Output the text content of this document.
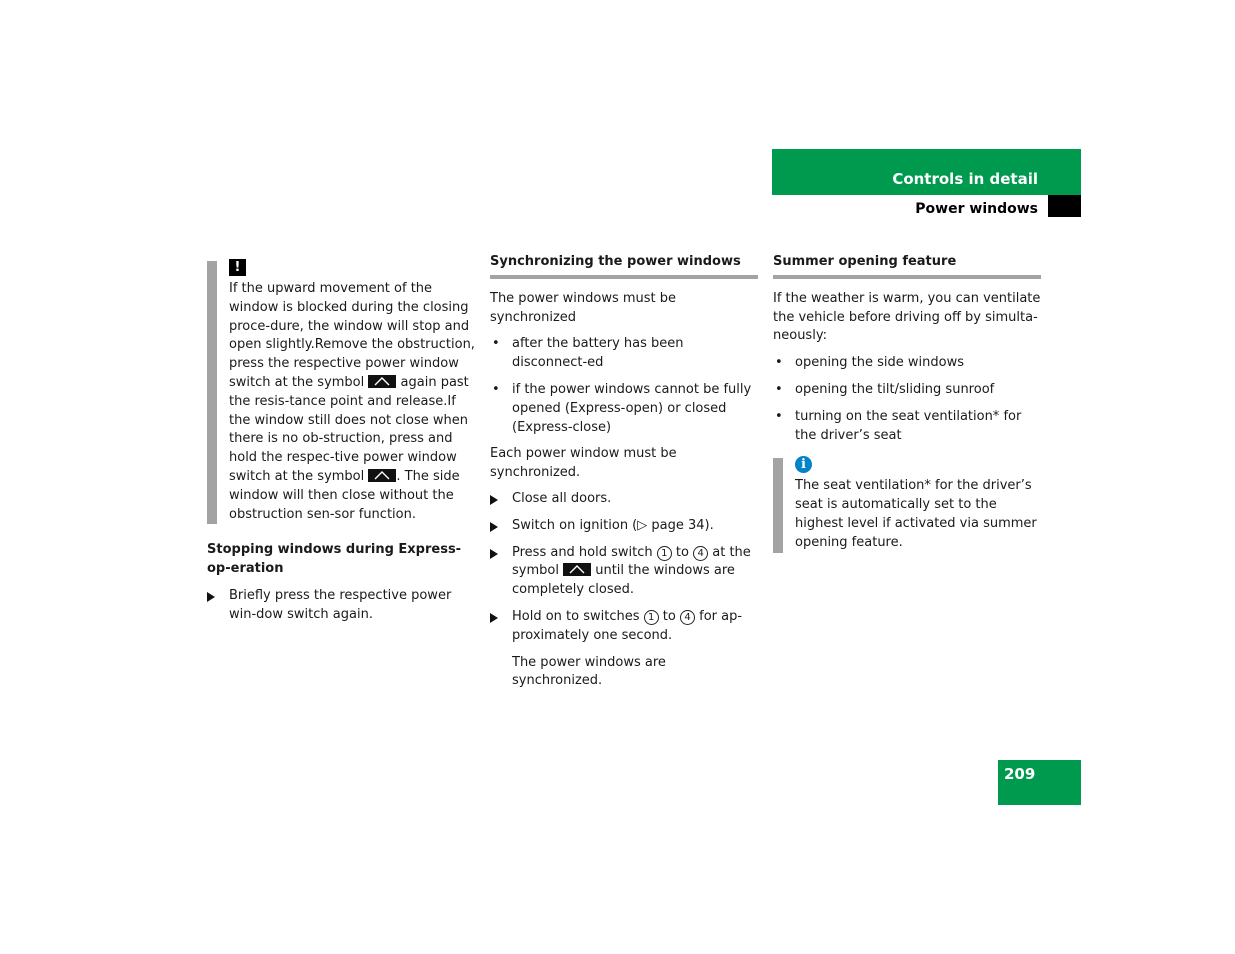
Controls in detail
Power windows
209
!

If the upward movement of the window is blocked during the closing proce-dure, the window will stop and open slightly.Remove the obstruction, press the respective power window switch at the symbol
again past the resis-tance point and release.If the window still does not close when there is no ob-struction, press and hold the respec-tive power window switch at the symbol . The side window will then close without the obstruction sen-sor function.

Stopping windows during Express-op-eration

Briefly press the respective power win-dow switch again.

Synchronizing the power windows

The power windows must be synchronized

• after the battery has been disconnect-ed

• if the power windows cannot be fully opened (Express-open) or closed (Express-close)

Each power window must be synchronized.

Close all doors.

Switch on ignition (▷ page 34).

Press and hold switch 1 to 4 at the symbol	until the windows are completely closed.

Hold on to switches 1 to 4 for ap-proximately one second.

The power windows are synchronized.

Summer opening feature

If the weather is warm, you can ventilate the vehicle before driving off by simulta-neously:

• opening the side windows

• opening the tilt/sliding sunroof

• turning on the seat ventilation* for the driver’s seat

i

The seat ventilation* for the driver’s seat is automatically set to the highest level if activated via summer opening feature.
